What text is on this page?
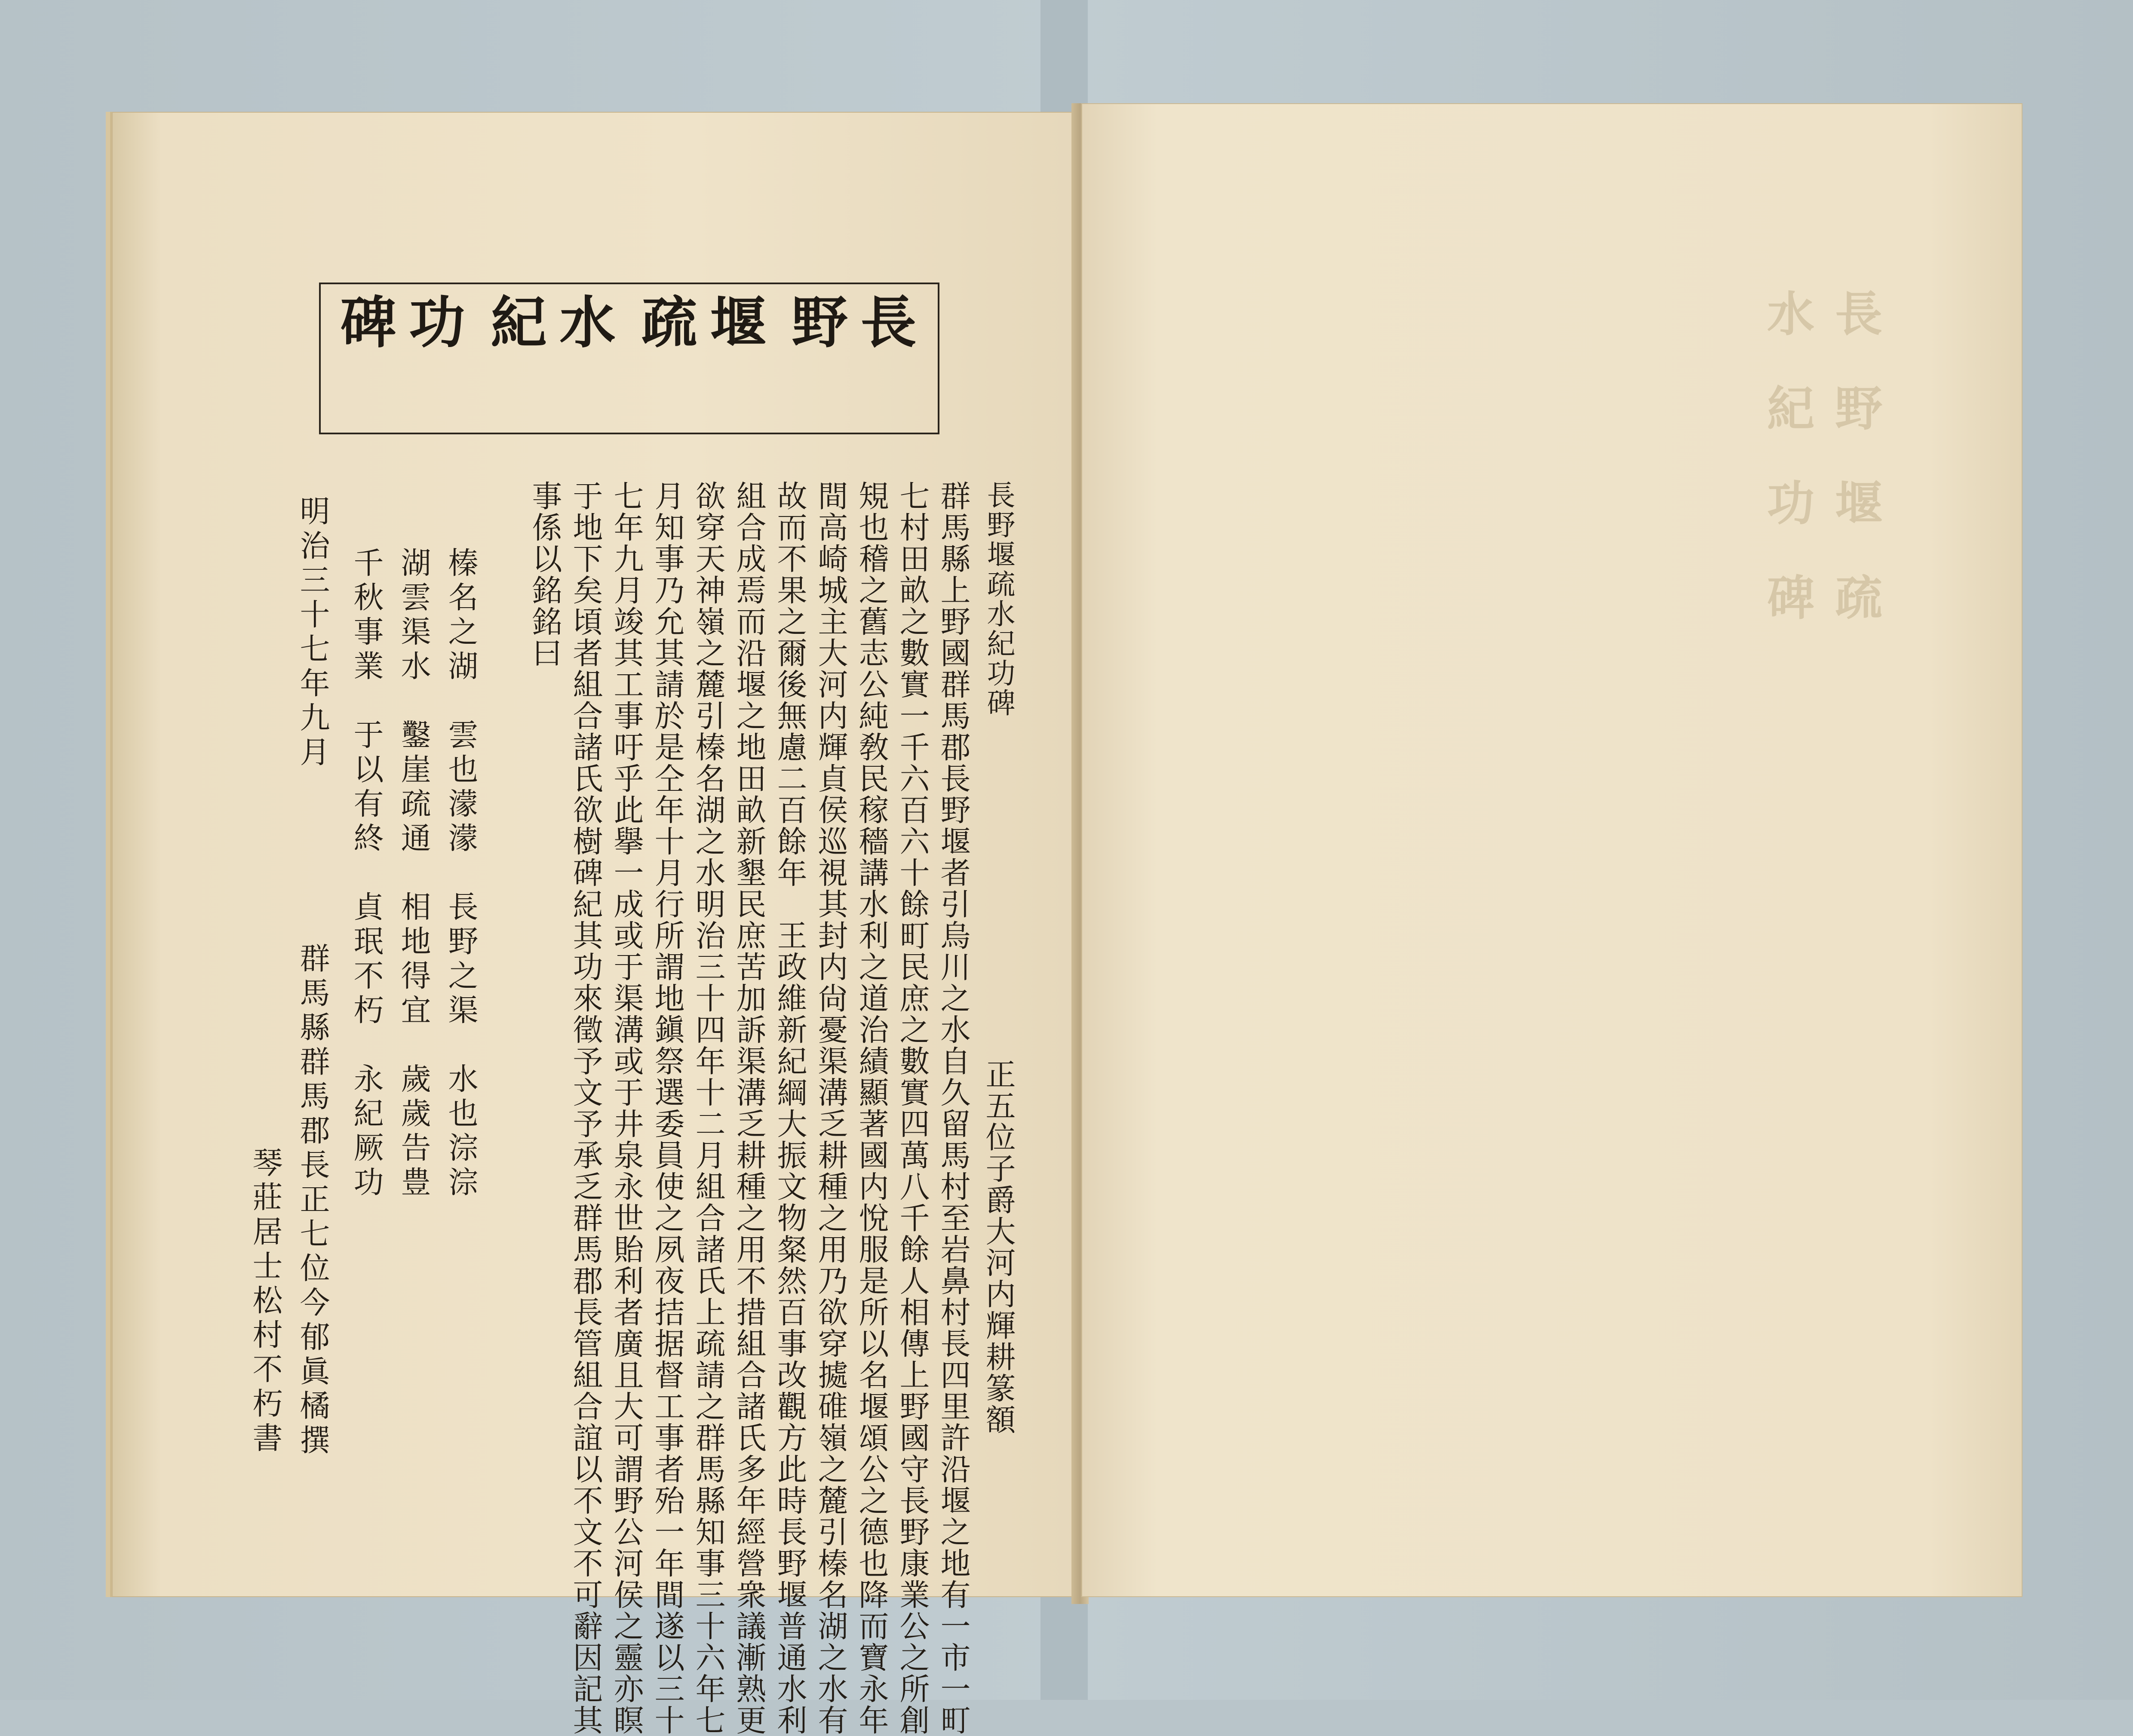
長野
堰疏
水紀
功碑
長野堰疏水紀功碑
正五位子爵大河内輝耕篆額
群馬縣上野國群馬郡長野堰者引烏川之水自久留馬村至岩鼻村長四里許沿堰之地有一市一町
七村田畝之數實一千六百六十餘町民庶之數實四萬八千餘人相傳上野國守長野康業公之所創
䂓也稽之舊志公純敎民稼穡講水利之道治績顯著國内悅服是所以名堰頌公之德也降而寶永年
間高崎城主大河内輝貞侯巡視其封内尙憂渠溝乏耕種之用乃欲穿㨿碓嶺之麓引榛名湖之水有
故而不果之爾後無慮二百餘年　王政維新紀綱大振文物粲然百事改觀方此時長野堰普通水利
組合成焉而沿堰之地田畝新墾民庶苦加訴渠溝乏耕種之用不措組合諸氏多年經營衆議漸熟更
欲穿天神嶺之麓引榛名湖之水明治三十四年十二月組合諸氏上疏請之群馬縣知事三十六年七
月知事乃允其請於是仝年十月行所謂地鎭祭選委員使之夙夜拮据督工事者殆一年間遂以三十
七年九月竣其工事吁乎此擧一成或于渠溝或于井泉永世貽利者廣且大可謂野公河侯之靈亦瞑
于地下矣頃者組合諸氏欲樹碑紀其功來徵予文予承乏群馬郡長管組合誼以不文不可辭因記其
事係以銘銘曰
榛名之湖　雲也濛濛　長野之渠　水也淙淙
湖雲渠水　鑿崖疏通　相地得宜　歲歲告豊
千秋事業　于以有終　貞珉不朽　永紀厥功
明治三十七年九月
群馬縣群馬郡長正七位今郁眞橘撰
琴莊居士松村不朽書
長野堰疏水紀功碑
